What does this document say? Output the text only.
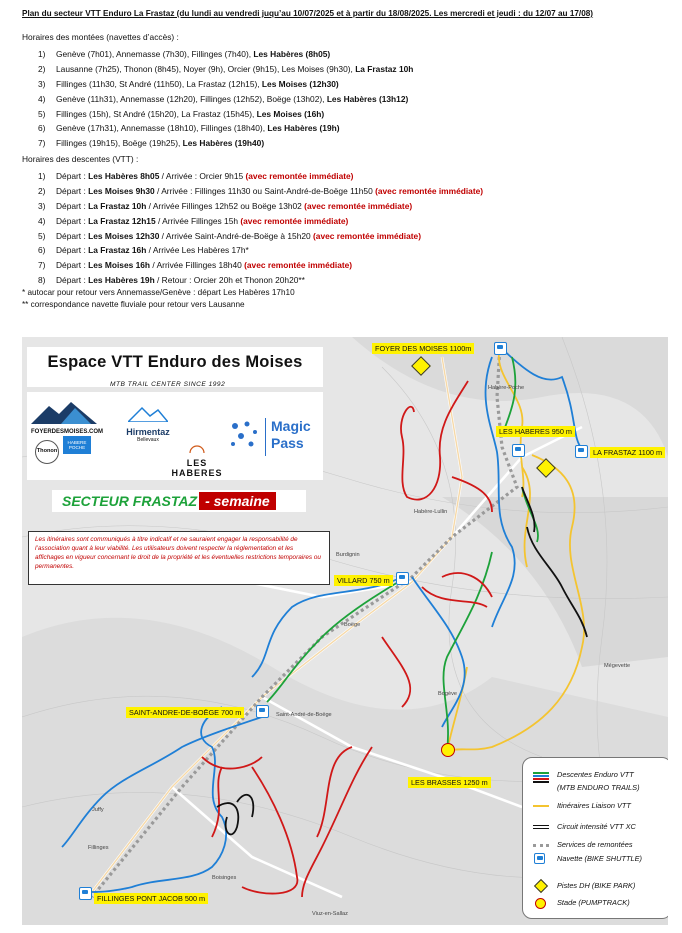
Plan du secteur VTT Enduro La Frastaz (du lundi au vendredi juqu’au 10/07/2025 et à partir du 18/08/2025. Les mercredi et jeudi : du 12/07 au 17/08)
Horaires des montées (navettes d’accès) :
1) Genève (7h01), Annemasse (7h30), Fillinges (7h40), Les Habères (8h05)
2) Lausanne (7h25), Thonon (8h45), Noyer (9h), Orcier (9h15), Les Moises (9h30), La Frastaz 10h
3) Fillinges (11h30, St André (11h50), La Frastaz (12h15), Les Moises (12h30)
4) Genève (11h31), Annemasse (12h20), Fillinges (12h52), Boëge (13h02), Les Habères (13h12)
5) Fillinges (15h), St André (15h20), La Frastaz (15h45), Les Moises (16h)
6) Genève (17h31), Annemasse (18h10), Fillinges (18h40), Les Habères (19h)
7) Fillinges (19h15), Boëge (19h25), Les Habères (19h40)
Horaires des descentes (VTT) :
1) Départ : Les Habères 8h05 / Arrivée : Orcier 9h15 (avec remontée immédiate)
2) Départ : Les Moises 9h30 / Arrivée : Fillinges 11h30 ou Saint-André-de-Boëge 11h50 (avec remontée immédiate)
3) Départ : La Frastaz 10h / Arrivée Fillinges 12h52 ou Boëge 13h02 (avec remontée immédiate)
4) Départ : La Frastaz 12h15 / Arrivée Fillinges 15h (avec remontée immédiate)
5) Départ : Les Moises 12h30 / Arrivée Saint-André-de-Boëge à 15h20 (avec remontée immédiate)
6) Départ : La Frastaz 16h / Arrivée Les Habères 17h*
7) Départ : Les Moises 16h / Arrivée Fillinges 18h40 (avec remontée immédiate)
8) Départ : Les Habères 19h / Retour : Orcier 20h et Thonon 20h20**
* autocar pour retour vers Annemasse/Genève : départ Les Habères 17h10
** correspondance navette fluviale pour retour vers Lausanne
Espace VTT Enduro des Moises
MTB TRAIL CENTER SINCE 1992
FOYERDESMOISES.COM
HABERE POCHE
Thonon
Hirmentaz
Bellevaux
LES HABERES
Magic
Pass
SECTEUR FRASTAZ - semaine
Les itinéraires sont communiqués à titre indicatif et ne sauraient engager la responsabilité de l’association quant à leur viabilité. Les utilisateurs doivent respecter la réglementation et les affichages en vigueur concernant le droit de la propriété et les éventuelles restrictions temporaires ou permanentes.
Habère-Poche
Habère-Lullin
Burdignin
Boëge
Saint-André-de-Boëge
Bogève
Mégevette
Fillinges
Juffy
Boisinges
Viuz-en-Sallaz
FOYER DES MOISES 1100m
LES HABERES 950 m
LA FRASTAZ 1100 m
VILLARD 750 m
SAINT-ANDRE-DE-BOËGE 700 m
LES BRASSES 1250 m
FILLINGES PONT JACOB 500 m
Descentes Enduro VTT
(MTB ENDURO TRAILS)
Itinéraires Liaison VTT
Circuit intensité VTT XC
Services de remontées
Navette (BIKE SHUTTLE)
Pistes DH (BIKE PARK)
Stade (PUMPTRACK)
